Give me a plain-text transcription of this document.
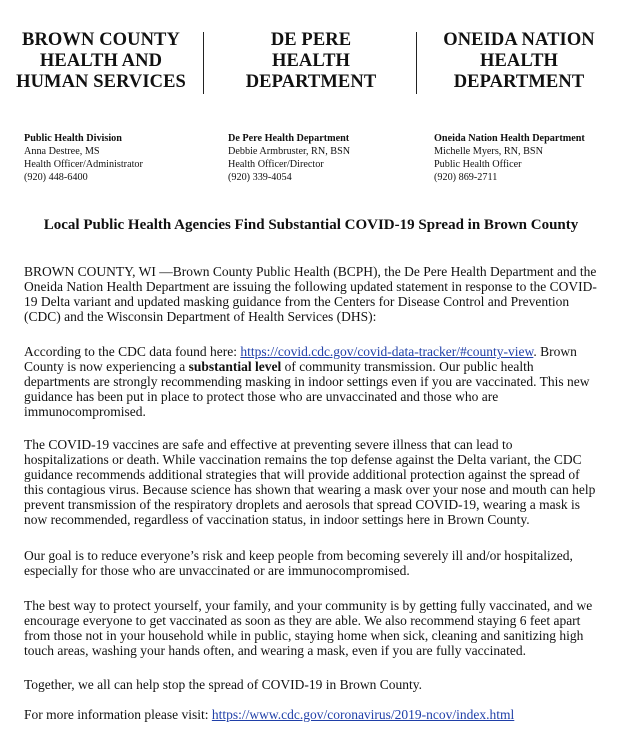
BROWN COUNTY
HEALTH AND
HUMAN SERVICES
DE PERE
HEALTH
DEPARTMENT
ONEIDA NATION
HEALTH
DEPARTMENT
Public Health Division
Anna Destree, MS
Health Officer/Administrator
(920) 448-6400
De Pere Health Department
Debbie Armbruster, RN, BSN
Health Officer/Director
(920) 339-4054
Oneida Nation Health Department
Michelle Myers, RN, BSN
Public Health Officer
(920) 869-2711
Local Public Health Agencies Find Substantial COVID-19 Spread in Brown County
BROWN COUNTY, WI —Brown County Public Health (BCPH), the De Pere Health Department and the
Oneida Nation Health Department are issuing the following updated statement in response to the COVID-
19 Delta variant and updated masking guidance from the Centers for Disease Control and Prevention
(CDC) and the Wisconsin Department of Health Services (DHS):
According to the CDC data found here: https://covid.cdc.gov/covid-data-tracker/#county-view. Brown
County is now experiencing a substantial level of community transmission. Our public health
departments are strongly recommending masking in indoor settings even if you are vaccinated. This new
guidance has been put in place to protect those who are unvaccinated and those who are
immunocompromised.
The COVID-19 vaccines are safe and effective at preventing severe illness that can lead to
hospitalizations or death. While vaccination remains the top defense against the Delta variant, the CDC
guidance recommends additional strategies that will provide additional protection against the spread of
this contagious virus. Because science has shown that wearing a mask over your nose and mouth can help
prevent transmission of the respiratory droplets and aerosols that spread COVID-19, wearing a mask is
now recommended, regardless of vaccination status, in indoor settings here in Brown County.
Our goal is to reduce everyone’s risk and keep people from becoming severely ill and/or hospitalized,
especially for those who are unvaccinated or are immunocompromised.
The best way to protect yourself, your family, and your community is by getting fully vaccinated, and we
encourage everyone to get vaccinated as soon as they are able. We also recommend staying 6 feet apart
from those not in your household while in public, staying home when sick, cleaning and sanitizing high
touch areas, washing your hands often, and wearing a mask, even if you are fully vaccinated.
Together, we all can help stop the spread of COVID-19 in Brown County.
For more information please visit: https://www.cdc.gov/coronavirus/2019-ncov/index.html
